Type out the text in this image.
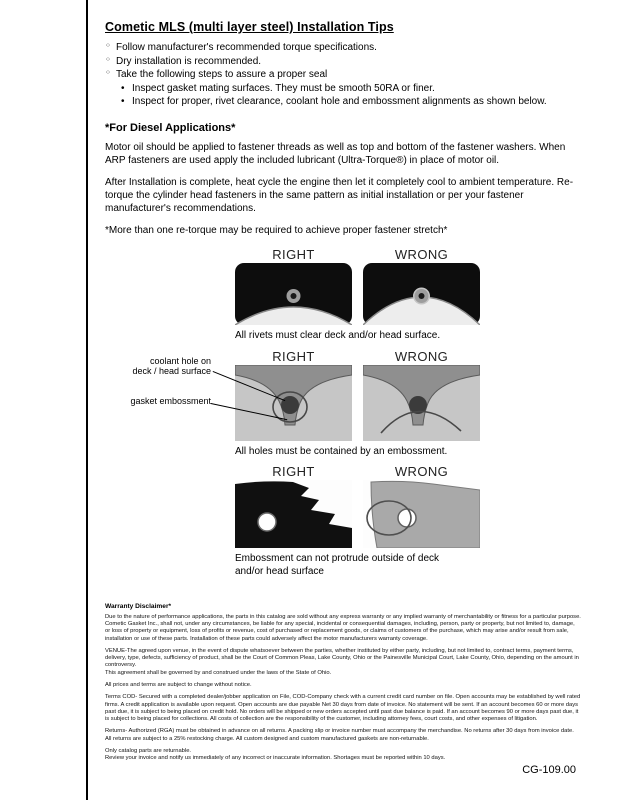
Cometic MLS (multi layer steel) Installation Tips
○ Follow manufacturer's recommended torque specifications.
○ Dry installation is recommended.
○ Take the following steps to assure a proper seal
• Inspect gasket mating surfaces. They must be smooth 50RA or finer.
• Inspect for proper, rivet clearance, coolant hole and embossment alignments as shown below.
*For Diesel Applications*

Motor oil should be applied to fastener threads as well as top and bottom of the fastener washers. When ARP fasteners are used apply the included lubricant (Ultra-Torque®) in place of motor oil.

After Installation is complete, heat cycle the engine then let it completely cool to ambient temperature. Re-torque the cylinder head fasteners in the same pattern as initial installation or per your fastener manufacturer's recommendations.

*More than one re-torque may be required to achieve proper fastener stretch*

RIGHT	WRONG
All rivets must clear deck and/or head surface.
RIGHT	WRONG
coolant hole on deck / head surface
gasket embossment
All holes must be contained by an embossment.
RIGHT	WRONG
Embossment can not protrude outside of deck and/or head surface
Warranty Disclaimer*

Due to the nature of performance applications, the parts in this catalog are sold without any express warranty or any implied warranty of merchantability or fitness for a particular purpose. Cometic Gasket Inc., shall not, under any circumstances, be liable for any special, incidental or consequential damages, including, person, party or property, but not limited to, damage, or loss of property or equipment, loss of profits or revenue, cost of purchased or replacement goods, or claims of customers of the purchase, which may arise and/or result from sale, installation or use of these parts. Installation of these parts could adversely affect the motor manufacturers warranty coverage.

VENUE-The agreed upon venue, in the event of dispute whatsoever between the parties, whether instituted by either party, including, but not limited to, contract terms, payment terms, delivery, type, defects, sufficiency of product, shall be the Court of Common Pleas, Lake County, Ohio or the Painesville Municipal Court, Lake County, Ohio, depending on the amount in controversy.

This agreement shall be governed by and construed under the laws of the State of Ohio.

All prices and terms are subject to change without notice.

Terms COD- Secured with a completed dealer/jobber application on File, COD-Company check with a current credit card number on file. Open accounts may be established by well rated firms. A credit application is available upon request. Open accounts are due payable Net 30 days from date of invoice. No statement will be sent. If an account becomes 60 or more days past due, it is subject to being placed on credit hold. No orders will be shipped or new orders accepted until past due balance is paid. If an account becomes 90 or more days past due, it is subject to being placed for collections. All costs of collection are the responsibility of the customer, including attorney fees, court costs, and other expenses of litigation.

Returns- Authorized (RGA) must be obtained in advance on all returns. A packing slip or invoice number must accompany the merchandise. No returns after 30 days from invoice date. All returns are subject to a 25% restocking charge. All custom designed and custom manufactured gaskets are non-returnable.

Only catalog parts are returnable.

Review your invoice and notify us immediately of any incorrect or inaccurate information. Shortages must be reported within 10 days.

CG-109.00
